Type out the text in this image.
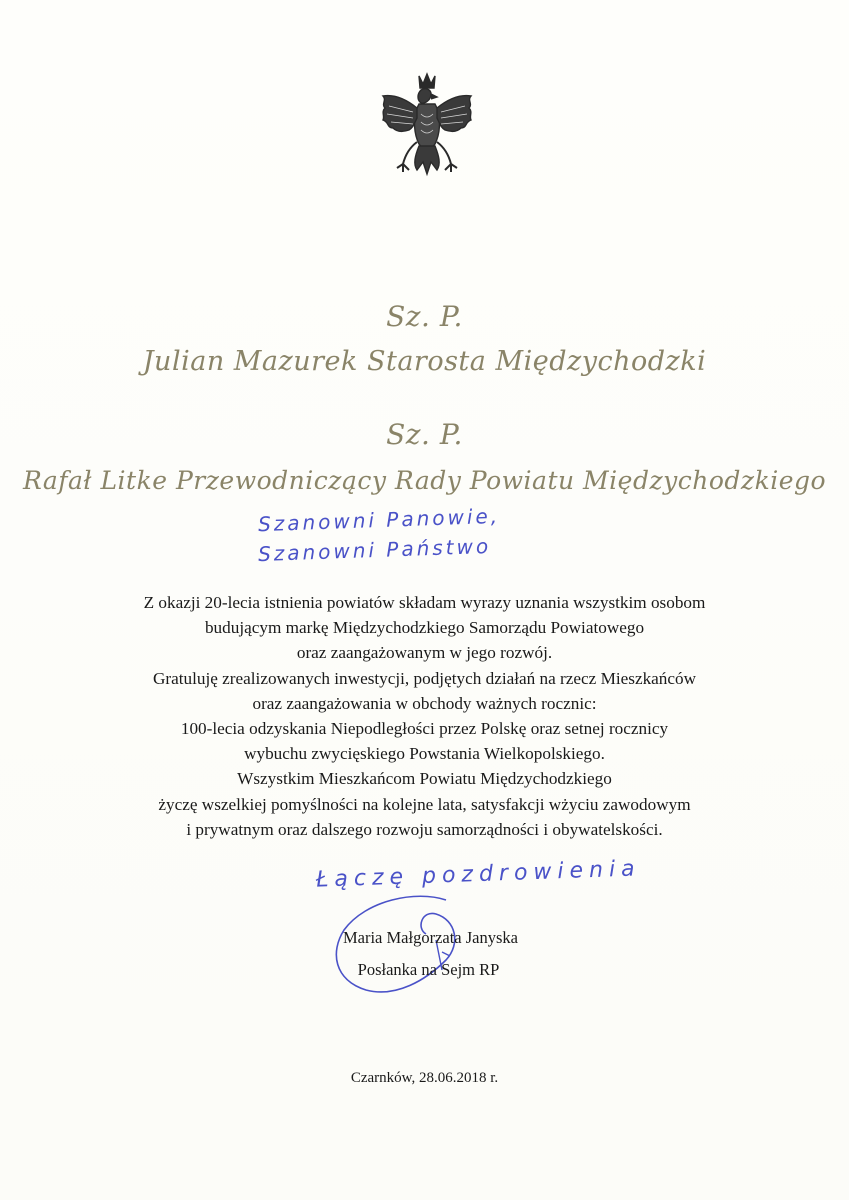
Sz. P.
Julian Mazurek Starosta Międzychodzki
Sz. P.
Rafał Litke Przewodniczący Rady Powiatu Międzychodzkiego
Szanowni Panowie,
Szanowni Państwo

Z okazji 20-lecia istnienia powiatów składam wyrazy uznania wszystkim osobom

budującym markę Międzychodzkiego Samorządu Powiatowego

oraz zaangażowanym w jego rozwój.

Gratuluję zrealizowanych inwestycji, podjętych działań na rzecz Mieszkańców

oraz zaangażowania w obchody ważnych rocznic:

100-lecia odzyskania Niepodległości przez Polskę oraz setnej rocznicy

wybuchu zwycięskiego Powstania Wielkopolskiego.

Wszystkim Mieszkańcom Powiatu Międzychodzkiego

życzę wszelkiej pomyślności na kolejne lata, satysfakcji wżyciu zawodowym

i prywatnym oraz dalszego rozwoju samorządności i obywatelskości.

Łączę pozdrowienia
Maria Małgorzata Janyska
Posłanka na Sejm RP
Czarnków, 28.06.2018 r.
